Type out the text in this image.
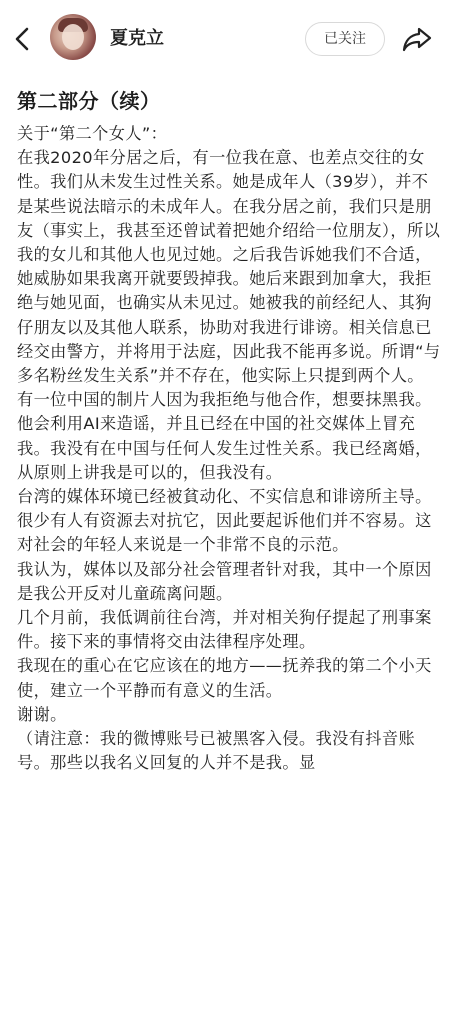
夏克立	已关注
第二部分（续）

关于“第二个女人”：

在我2020年分居之后，有一位我在意、也差点交往的女性。我们从未发生过性关系。她是成年人（39岁），并不是某些说法暗示的未成年人。在我分居之前，我们只是朋友（事实上，我甚至还曾试着把她介绍给一位朋友），所以我的女儿和其他人也见过她。之后我告诉她我们不合适，她威胁如果我离开就要毁掉我。她后来跟到加拿大，我拒绝与她见面，也确实从未见过。她被我的前经纪人、其狗仔朋友以及其他人联系，协助对我进行诽谤。相关信息已经交由警方，并将用于法庭，因此我不能再多说。所谓“与多名粉丝发生关系”并不存在，他实际上只提到两个人。

有一位中国的制片人因为我拒绝与他合作，想要抹黑我。他会利用AI来造谣，并且已经在中国的社交媒体上冒充我。我没有在中国与任何人发生过性关系。我已经离婚，从原则上讲我是可以的，但我没有。

台湾的媒体环境已经被貧动化、不实信息和诽谤所主导。很少有人有资源去对抗它，因此要起诉他们并不容易。这对社会的年轻人来说是一个非常不良的示范。

我认为，媒体以及部分社会管理者针对我，其中一个原因是我公开反对儿童疏离问题。

几个月前，我低调前往台湾，并对相关狗仔提起了刑事案件。接下来的事情将交由法律程序处理。

我现在的重心在它应该在的地方——抚养我的第二个小天使，建立一个平静而有意义的生活。

谢谢。

（请注意：我的微博账号已被黑客入侵。我没有抖音账号。那些以我名义回复的人并不是我。显
